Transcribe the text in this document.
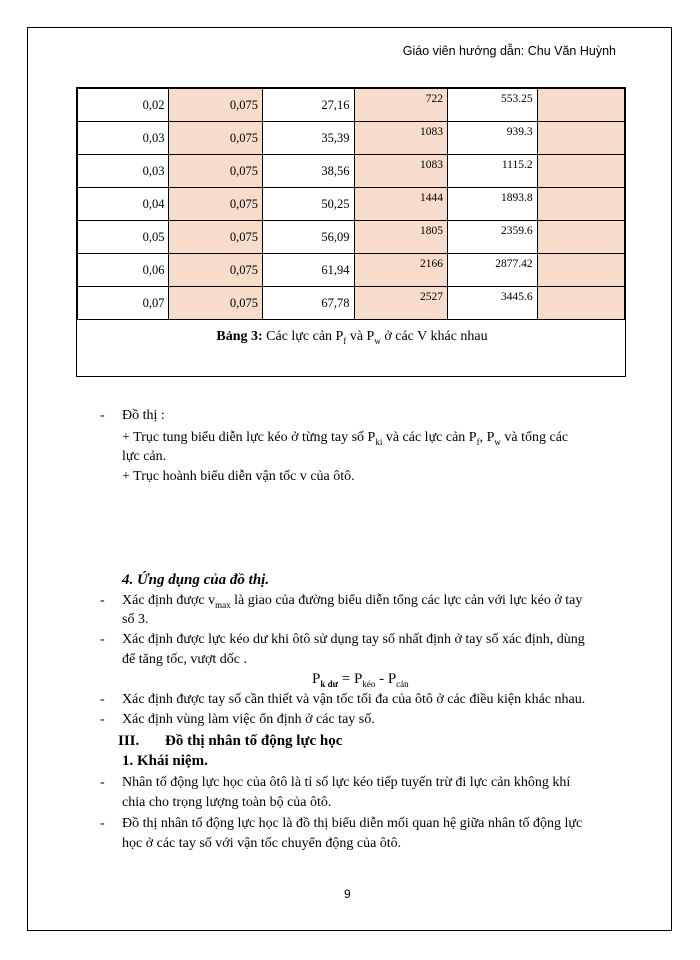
Giáo viên hướng dẫn: Chu Văn Huỳnh
0,02	0,075	27,16	722	553.25	
0,03	0,075	35,39	1083	939.3	
0,03	0,075	38,56	1083	1115.2	
0,04	0,075	50,25	1444	1893.8	
0,05	0,075	56,09	1805	2359.6	
0,06	0,075	61,94	2166	2877.42	
0,07	0,075	67,78	2527	3445.6	
Bảng 3: Các lực cản $P_f$ và $P_w$ ở các V khác nhau
- Đồ thị :
+ Trục tung biểu diễn lực kéo ở từng tay số $P_{ki}$ và các lực cản $P_f$, $P_w$ và tổng các
lực cản.
+ Trục hoành biểu diễn vận tốc v của ôtô.
4. Ứng dụng của đồ thị.
- Xác định được $v_{max}$ là giao của đường biểu diễn tổng các lực cản với lực kéo ở tay
số 3.
- Xác định được lực kéo dư khi ôtô sử dụng tay số nhất định ở tay số xác định, dùng
để tăng tốc, vượt dốc .
$P_{k dư} = P_{kéo} - P_{cản}$
- Xác định được tay số cần thiết và vận tốc tối đa của ôtô ở các điều kiện khác nhau.
- Xác định vùng làm việc ổn định ở các tay số.
III. Đồ thị nhân tố động lực học
1. Khái niệm.
- Nhân tố động lực học của ôtô là tỉ số lực kéo tiếp tuyến trừ đi lực cản không khí
chia cho trọng lượng toàn bộ của ôtô.
- Đồ thị nhân tố động lực học là đồ thị biểu diễn mối quan hệ giữa nhân tố động lực
học ở các tay số với vận tốc chuyển động của ôtô.
9
